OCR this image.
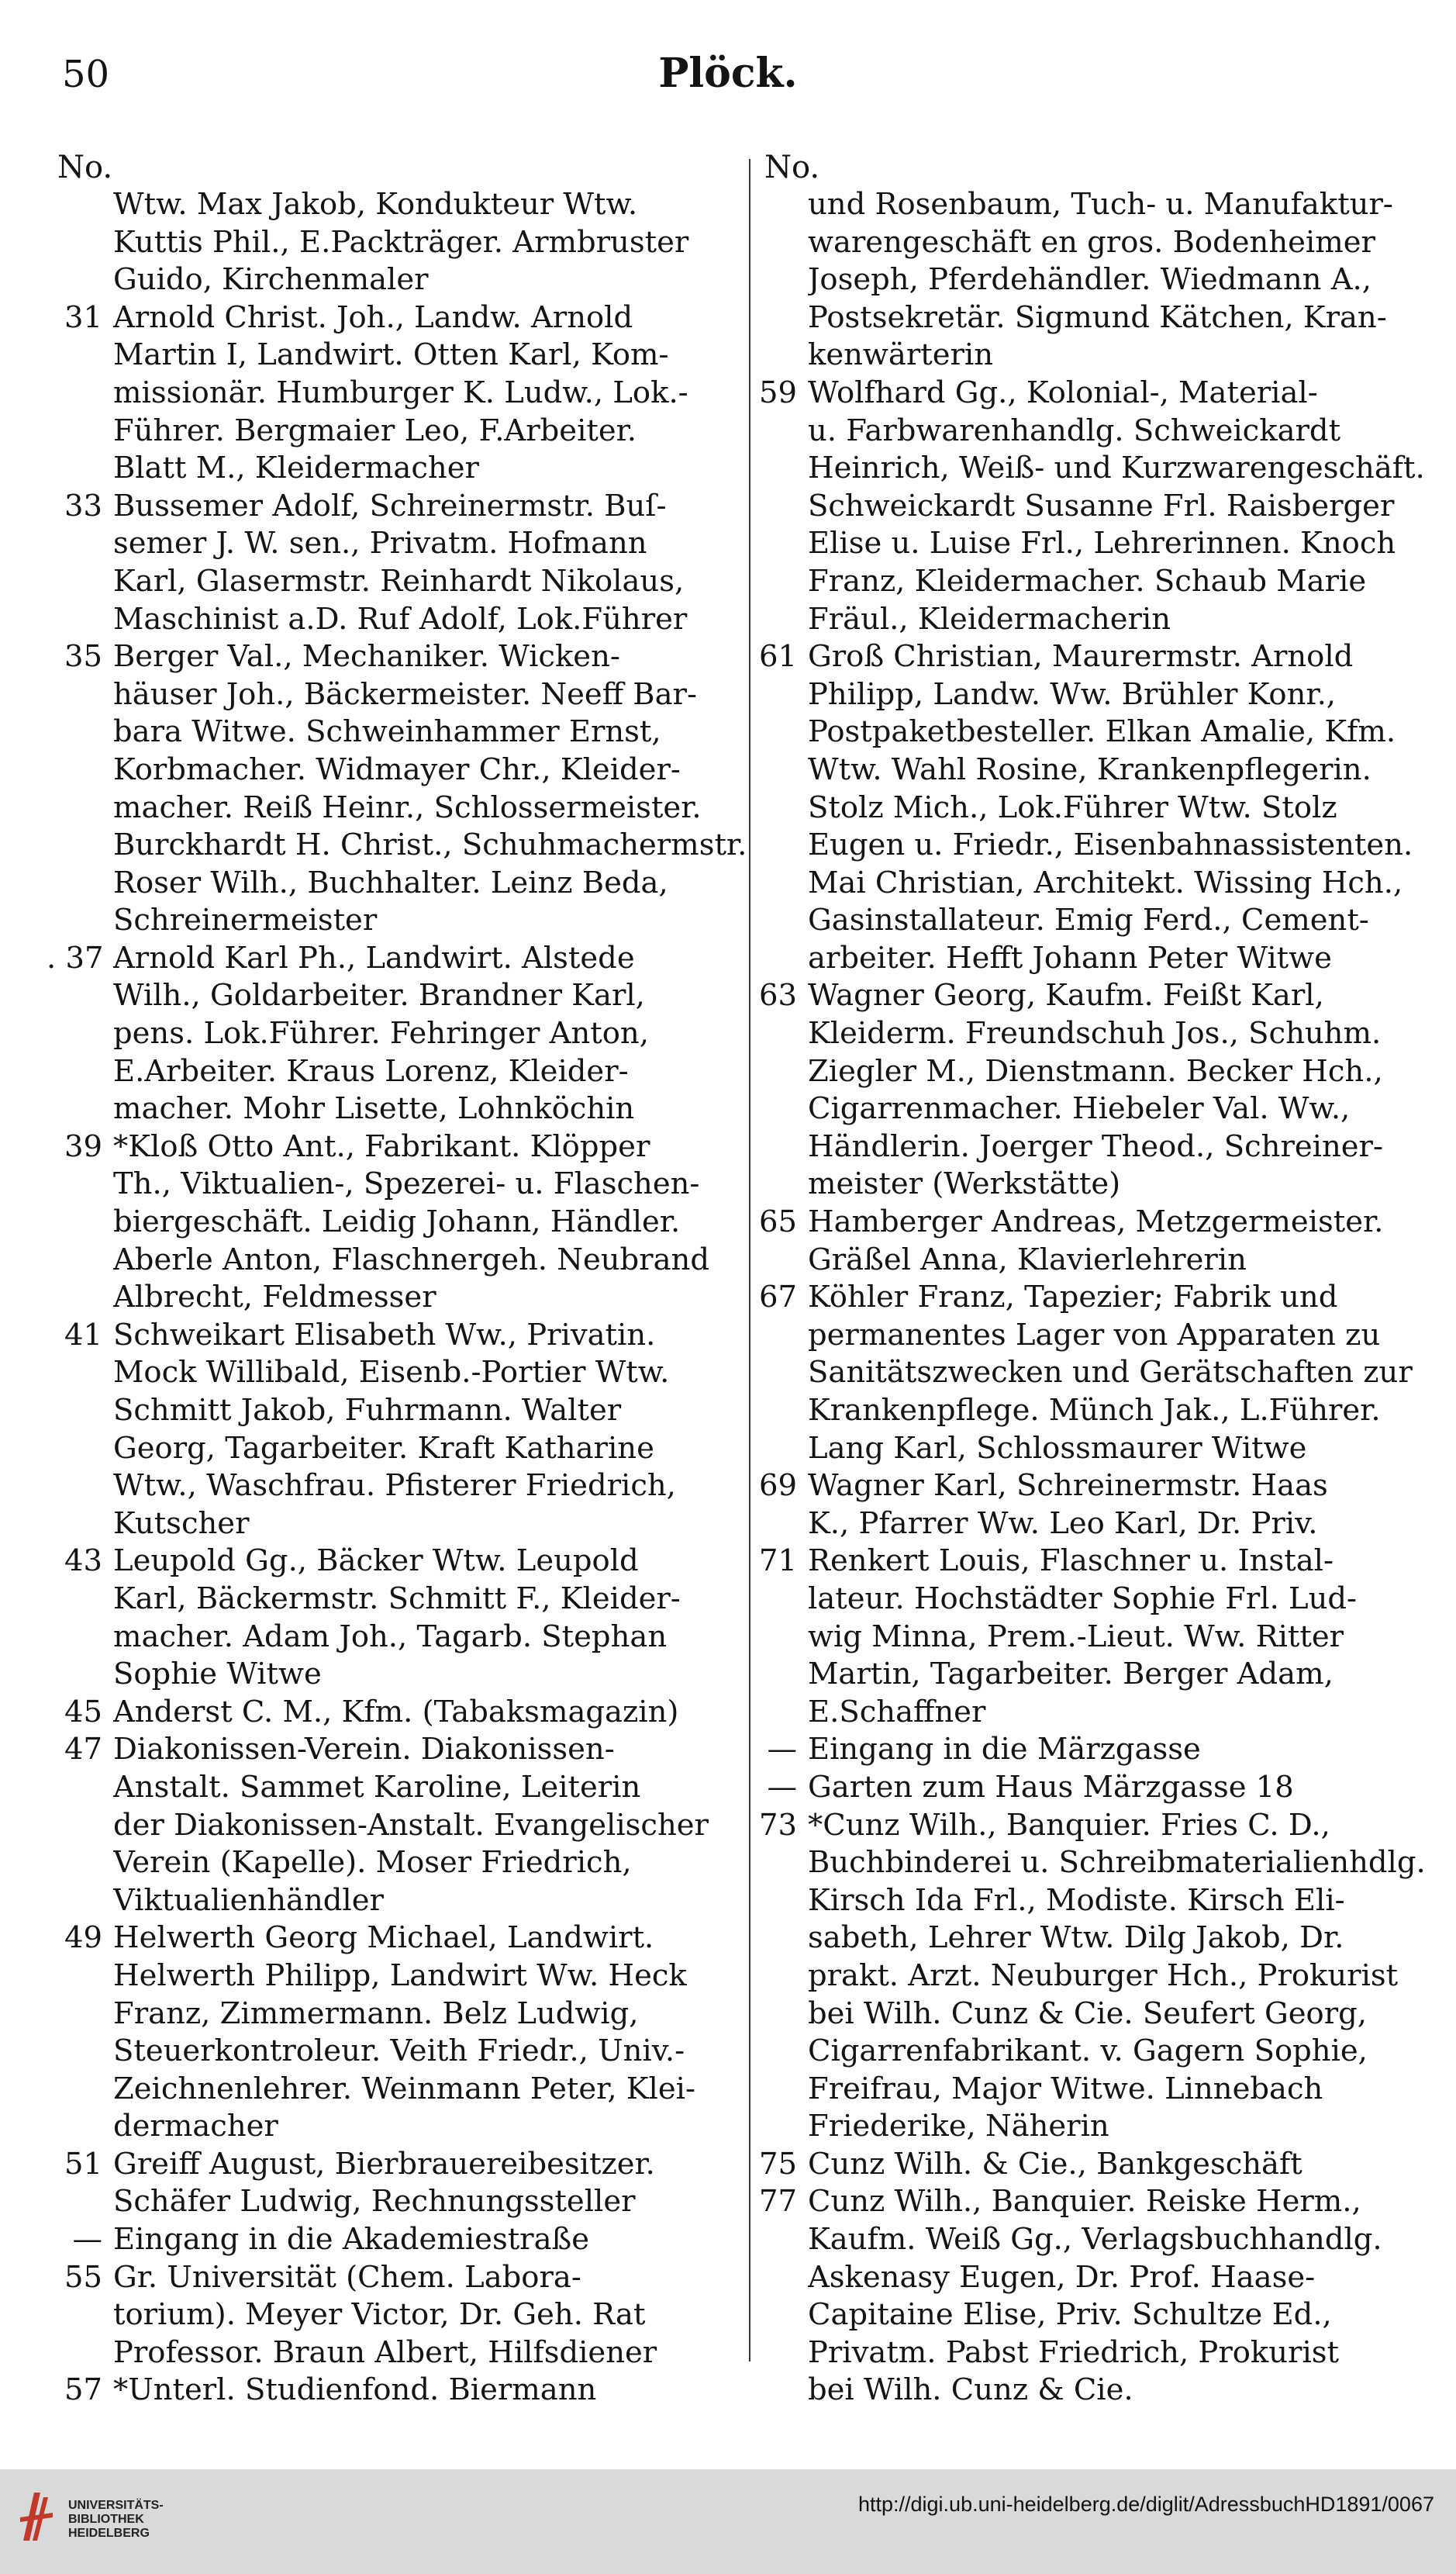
50	Plöck.
No.
Wtw. Max Jakob, Kondukteur Wtw.
Kuttis Phil., E.Packträger. Armbruster
Guido, Kirchenmaler
31 Arnold Christ. Joh., Landw. Arnold
Martin I, Landwirt. Otten Karl, Kom-
missionär. Humburger K. Ludw., Lok.-
Führer. Bergmaier Leo, F.Arbeiter.
Blatt M., Kleidermacher
33 Bussemer Adolf, Schreinermstr. Buſ-
semer J. W. sen., Privatm. Hofmann
Karl, Glasermstr. Reinhardt Nikolaus,
Maschinist a.D. Ruf Adolf, Lok.Führer
35 Berger Val., Mechaniker. Wicken-
häuser Joh., Bäckermeister. Neeff Bar-
bara Witwe. Schweinhammer Ernst,
Korbmacher. Widmayer Chr., Kleider-
macher. Reiß Heinr., Schlossermeister.
Burckhardt H. Christ., Schuhmachermstr.
Roser Wilh., Buchhalter. Leinz Beda,
Schreinermeister
. 37 Arnold Karl Ph., Landwirt. Alstede
Wilh., Goldarbeiter. Brandner Karl,
pens. Lok.Führer. Fehringer Anton,
E.Arbeiter. Kraus Lorenz, Kleider-
macher. Mohr Lisette, Lohnköchin
39 *Kloß Otto Ant., Fabrikant. Klöpper
Th., Viktualien-, Spezerei- u. Flaschen-
biergeschäft. Leidig Johann, Händler.
Aberle Anton, Flaschnergeh. Neubrand
Albrecht, Feldmesser
41 Schweikart Elisabeth Ww., Privatin.
Mock Willibald, Eisenb.-Portier Wtw.
Schmitt Jakob, Fuhrmann. Walter
Georg, Tagarbeiter. Kraft Katharine
Wtw., Waschfrau. Pfisterer Friedrich,
Kutscher
43 Leupold Gg., Bäcker Wtw. Leupold
Karl, Bäckermstr. Schmitt F., Kleider-
macher. Adam Joh., Tagarb. Stephan
Sophie Witwe
45 Anderst C. M., Kfm. (Tabaksmagazin)
47 Diakonissen-Verein. Diakonissen-
Anstalt. Sammet Karoline, Leiterin
der Diakonissen-Anstalt. Evangelischer
Verein (Kapelle). Moser Friedrich,
Viktualienhändler
49 Helwerth Georg Michael, Landwirt.
Helwerth Philipp, Landwirt Ww. Heck
Franz, Zimmermann. Belz Ludwig,
Steuerkontroleur. Veith Friedr., Univ.-
Zeichnenlehrer. Weinmann Peter, Klei-
dermacher
51 Greiff August, Bierbrauereibesitzer.
Schäfer Ludwig, Rechnungssteller
— Eingang in die Akademiestraße
55 Gr. Universität (Chem. Labora-
torium). Meyer Victor, Dr. Geh. Rat
Professor. Braun Albert, Hilfsdiener
57 *Unterl. Studienfond. Biermann
No.
und Rosenbaum, Tuch- u. Manufaktur-
warengeschäft en gros. Bodenheimer
Joseph, Pferdehändler. Wiedmann A.,
Postsekretär. Sigmund Kätchen, Kran-
kenwärterin
59 Wolfhard Gg., Kolonial-, Material-
u. Farbwarenhandlg. Schweickardt
Heinrich, Weiß- und Kurzwarengeschäft.
Schweickardt Susanne Frl. Raisberger
Elise u. Luise Frl., Lehrerinnen. Knoch
Franz, Kleidermacher. Schaub Marie
Fräul., Kleidermacherin
61 Groß Christian, Maurermstr. Arnold
Philipp, Landw. Ww. Brühler Konr.,
Postpaketbesteller. Elkan Amalie, Kfm.
Wtw. Wahl Rosine, Krankenpflegerin.
Stolz Mich., Lok.Führer Wtw. Stolz
Eugen u. Friedr., Eisenbahnassistenten.
Mai Christian, Architekt. Wissing Hch.,
Gasinstallateur. Emig Ferd., Cement-
arbeiter. Hefft Johann Peter Witwe
63 Wagner Georg, Kaufm. Feißt Karl,
Kleiderm. Freundschuh Jos., Schuhm.
Ziegler M., Dienstmann. Becker Hch.,
Cigarrenmacher. Hiebeler Val. Ww.,
Händlerin. Joerger Theod., Schreiner-
meister (Werkstätte)
65 Hamberger Andreas, Metzgermeister.
Gräßel Anna, Klavierlehrerin
67 Köhler Franz, Tapezier; Fabrik und
permanentes Lager von Apparaten zu
Sanitätszwecken und Gerätschaften zur
Krankenpflege. Münch Jak., L.Führer.
Lang Karl, Schlossmaurer Witwe
69 Wagner Karl, Schreinermstr. Haas
K., Pfarrer Ww. Leo Karl, Dr. Priv.
71 Renkert Louis, Flaschner u. Instal-
lateur. Hochstädter Sophie Frl. Lud-
wig Minna, Prem.-Lieut. Ww. Ritter
Martin, Tagarbeiter. Berger Adam,
E.Schaffner
— Eingang in die Märzgasse
— Garten zum Haus Märzgasse 18
73 *Cunz Wilh., Banquier. Fries C. D.,
Buchbinderei u. Schreibmaterialienhdlg.
Kirsch Ida Frl., Modiste. Kirsch Eli-
sabeth, Lehrer Wtw. Dilg Jakob, Dr.
prakt. Arzt. Neuburger Hch., Prokurist
bei Wilh. Cunz & Cie. Seufert Georg,
Cigarrenfabrikant. v. Gagern Sophie,
Freifrau, Major Witwe. Linnebach
Friederike, Näherin
75 Cunz Wilh. & Cie., Bankgeschäft
77 Cunz Wilh., Banquier. Reiske Herm.,
Kaufm. Weiß Gg., Verlagsbuchhandlg.
Askenasy Eugen, Dr. Prof. Haase-
Capitaine Elise, Priv. Schultze Ed.,
Privatm. Pabst Friedrich, Prokurist
bei Wilh. Cunz & Cie.
UNIVERSITÄTS-
BIBLIOTHEK
HEIDELBERG
http://digi.ub.uni-heidelberg.de/diglit/AdressbuchHD1891/0067
